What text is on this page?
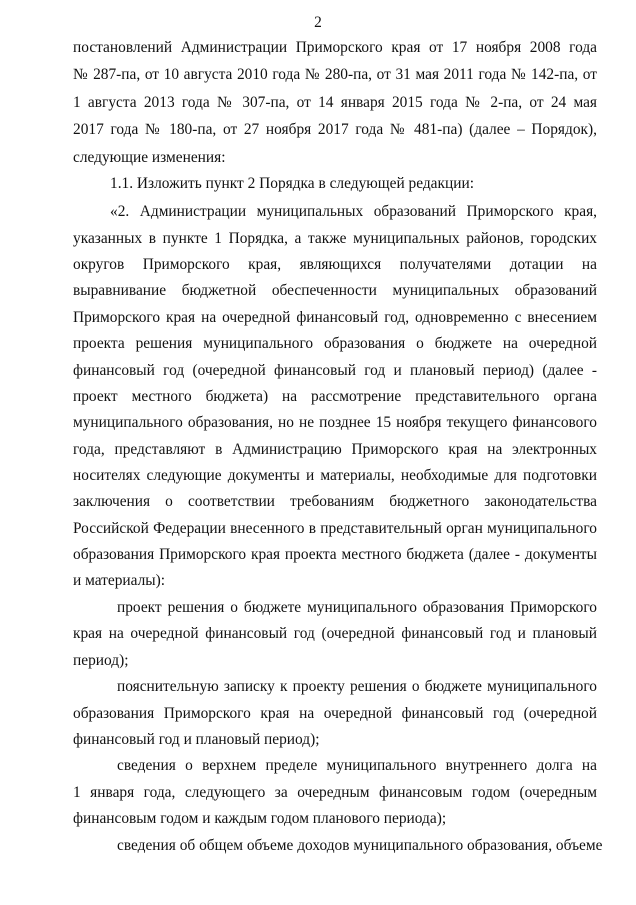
2
постановлений Администрации Приморского края от 17 ноября 2008 года
№ 287-па, от 10 августа 2010 года № 280-па, от 31 мая 2011 года № 142-па, от
1 августа 2013 года № 307-па, от 14 января 2015 года № 2-па, от 24 мая
2017 года № 180-па, от 27 ноября 2017 года № 481-па) (далее – Порядок),
следующие изменения:
1.1. Изложить пункт 2 Порядка в следующей редакции:
«2. Администрации муниципальных образований Приморского края,
указанных в пункте 1 Порядка, а также муниципальных районов, городских
округов Приморского края, являющихся получателями дотации на
выравнивание бюджетной обеспеченности муниципальных образований
Приморского края на очередной финансовый год, одновременно с внесением
проекта решения муниципального образования о бюджете на очередной
финансовый год (очередной финансовый год и плановый период) (далее -
проект местного бюджета) на рассмотрение представительного органа
муниципального образования, но не позднее 15 ноября текущего финансового
года, представляют в Администрацию Приморского края на электронных
носителях следующие документы и материалы, необходимые для подготовки
заключения о соответствии требованиям бюджетного законодательства
Российской Федерации внесенного в представительный орган муниципального
образования Приморского края проекта местного бюджета (далее - документы
и материалы):
проект решения о бюджете муниципального образования Приморского
края на очередной финансовый год (очередной финансовый год и плановый
период);
пояснительную записку к проекту решения о бюджете муниципального
образования Приморского края на очередной финансовый год (очередной
финансовый год и плановый период);
сведения о верхнем пределе муниципального внутреннего долга на
1 января года, следующего за очередным финансовым годом (очередным
финансовым годом и каждым годом планового периода);
сведения об общем объеме доходов муниципального образования, объеме
